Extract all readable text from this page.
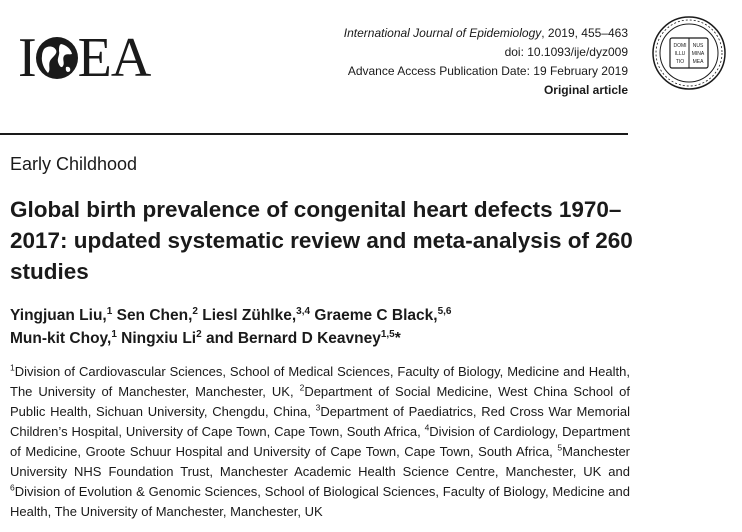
I EA	International Journal of Epidemiology, 2019, 455–463
doi: 10.1093/ije/dyz009
Advance Access Publication Date: 19 February 2019
Original article
DOMI NUS
ILLU MINA
TIO MEA
Early Childhood
Global birth prevalence of congenital heart defects 1970–2017: updated systematic review and meta-analysis of 260 studies
Yingjuan Liu,$^1$ Sen Chen,$^2$ Liesl Zühlke,$^{3,4}$ Graeme C Black,$^{5,6}$
Mun-kit Choy,$^1$ Ningxiu Li$^2$ and Bernard D Keavney$^{1,5}$*
$^1$Division of Cardiovascular Sciences, School of Medical Sciences, Faculty of Biology, Medicine and Health, The University of Manchester, Manchester, UK, $^2$Department of Social Medicine, West China School of Public Health, Sichuan University, Chengdu, China, $^3$Department of Paediatrics, Red Cross War Memorial Children’s Hospital, University of Cape Town, Cape Town, South Africa, $^4$Division of Cardiology, Department of Medicine, Groote Schuur Hospital and University of Cape Town, Cape Town, South Africa, $^5$Manchester University NHS Foundation Trust, Manchester Academic Health Science Centre, Manchester, UK and $^6$Division of Evolution & Genomic Sciences, School of Biological Sciences, Faculty of Biology, Medicine and Health, The University of Manchester, Manchester, UK
